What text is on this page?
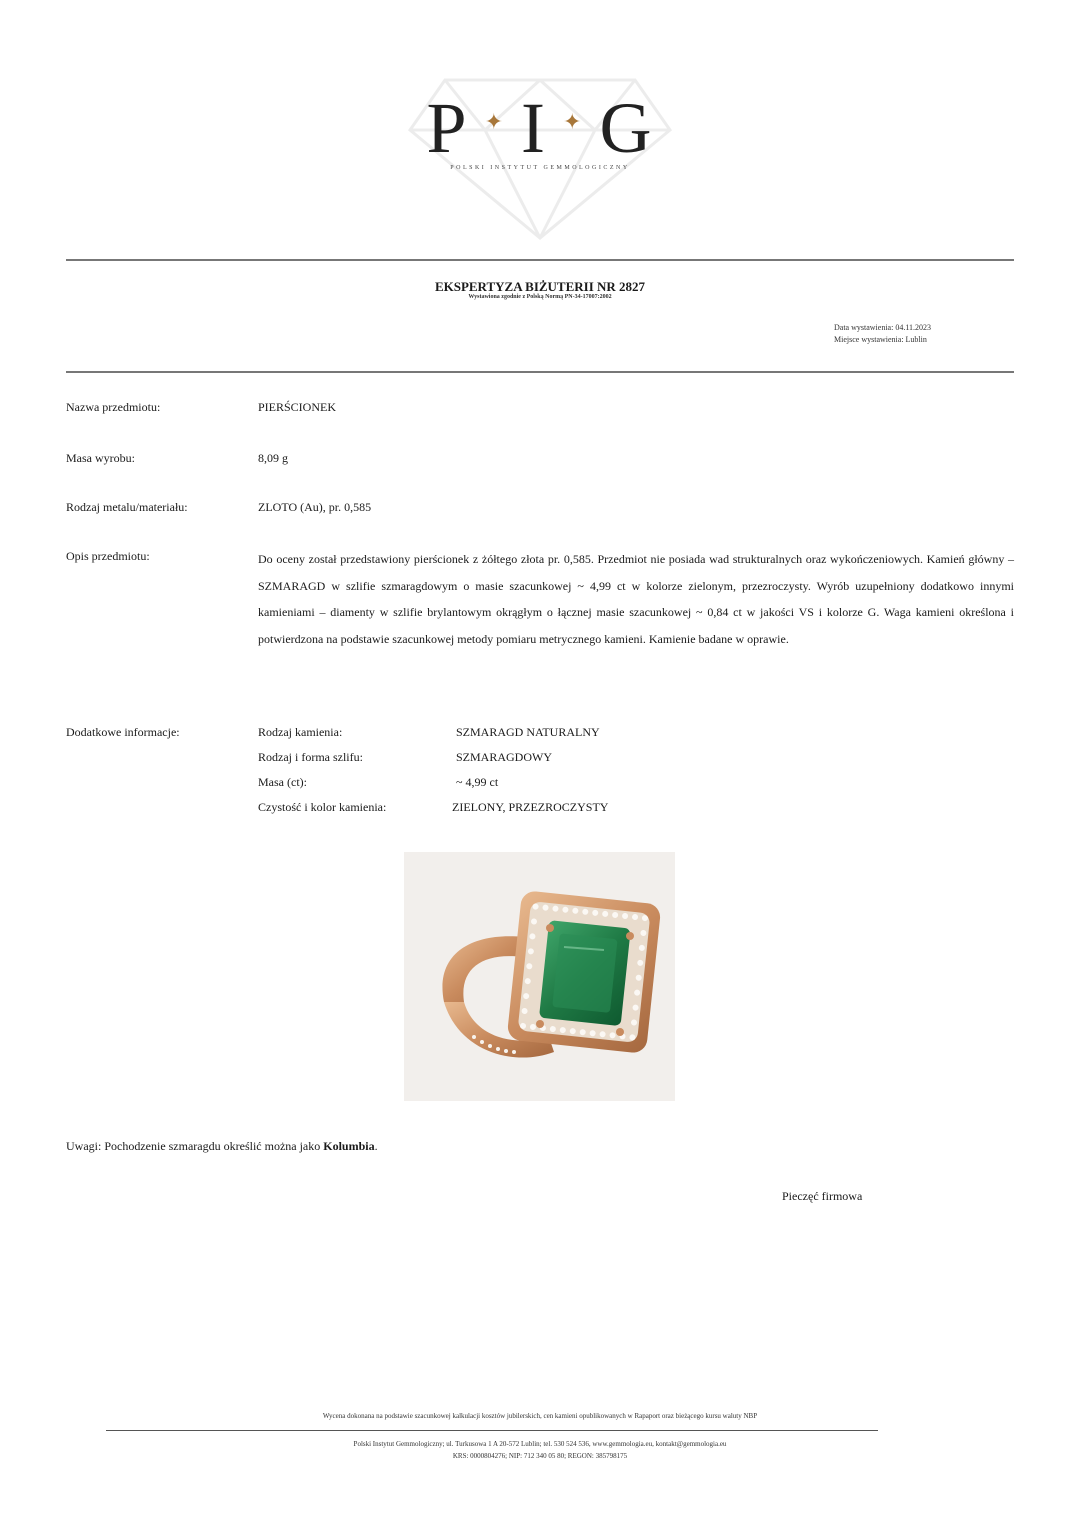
P ✦ I ✦ G
POLSKI INSTYTUT GEMMOLOGICZNY
EKSPERTYZA BIŻUTERII NR 2827
Wystawiona zgodnie z Polską Normą PN-34-17007:2002
Data wystawienia: 04.11.2023
Miejsce wystawienia: Lublin
Nazwa przedmiotu:	PIERŚCIONEK
Masa wyrobu:	8,09 g
Rodzaj metalu/materiału:	ZLOTO (Au), pr. 0,585
Opis przedmiotu:	Do oceny został przedstawiony pierścionek z żółtego złota pr. 0,585. Przedmiot nie posiada wad strukturalnych oraz wykończeniowych. Kamień główny – SZMARAGD w szlifie szmaragdowym o masie szacunkowej ~ 4,99 ct w kolorze zielonym, przezroczysty. Wyrób uzupełniony dodatkowo innymi kamieniami – diamenty w szlifie brylantowym okrągłym o łącznej masie szacunkowej ~ 0,84 ct w jakości VS i kolorze G. Waga kamieni określona i potwierdzona na podstawie szacunkowej metody pomiaru metrycznego kamieni. Kamienie badane w oprawie.

Dodatkowe informacje:	Rodzaj kamienia:	SZMARAGD NATURALNY
Rodzaj i forma szlifu:	SZMARAGDOWY
Masa (ct):	~ 4,99 ct
Czystość i kolor kamienia:	ZIELONY, PRZEZROCZYSTY
Uwagi: Pochodzenie szmaragdu określić można jako Kolumbia.
Pieczęć firmowa
Wycena dokonana na podstawie szacunkowej kalkulacji kosztów jubilerskich, cen kamieni opublikowanych w Rapaport oraz bieżącego kursu waluty NBP
Polski Instytut Gemmologiczny; ul. Turkusowa 1 A 20-572 Lublin; tel. 530 524 536, www.gemmologia.eu, kontakt@gemmologia.eu
KRS: 0000804276; NIP: 712 340 05 80; REGON: 385798175
